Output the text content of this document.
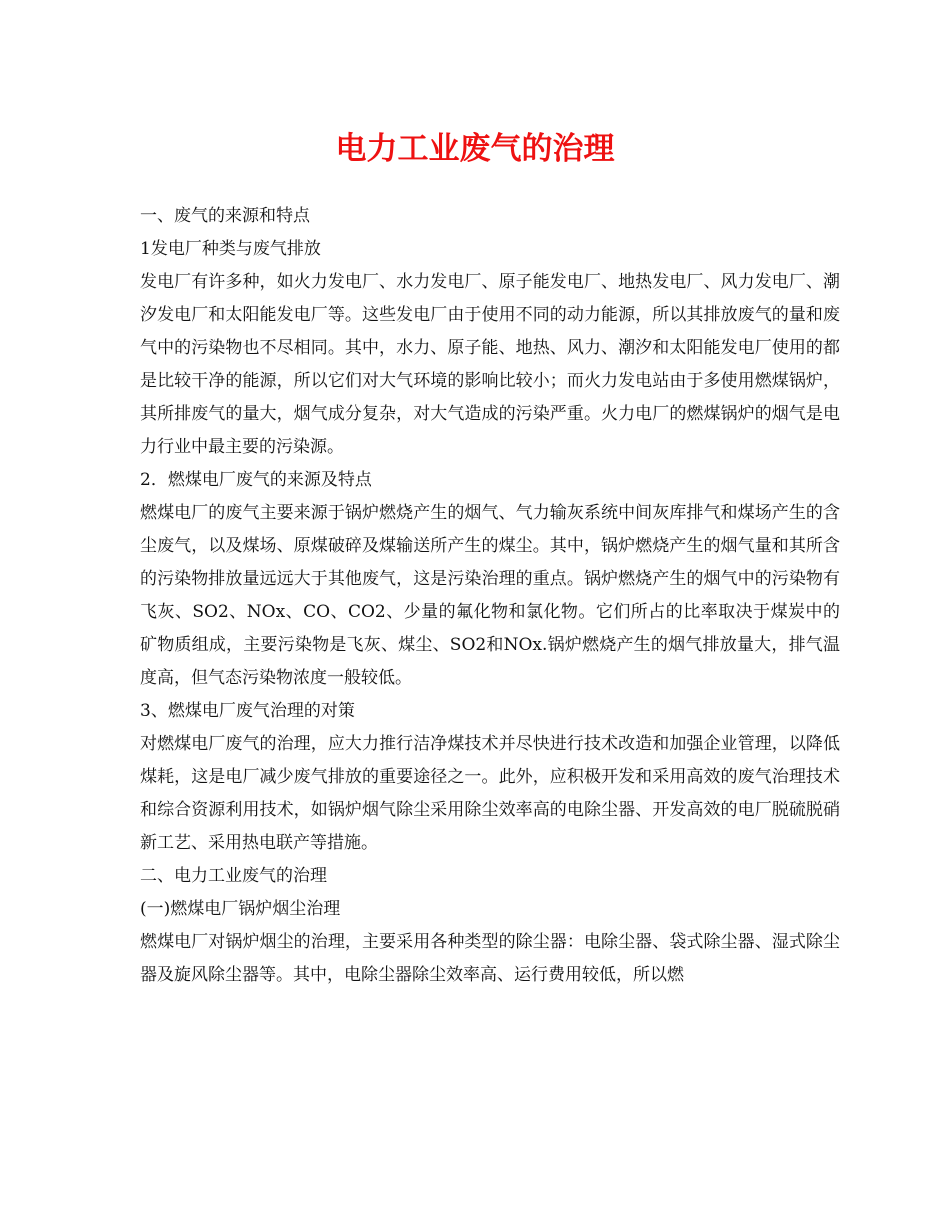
电力工业废气的治理

一、废气的来源和特点

1发电厂种类与废气排放

发电厂有许多种，如火力发电厂、水力发电厂、原子能发电厂、地热发电厂、风力发电厂、潮汐发电厂和太阳能发电厂等。这些发电厂由于使用不同的动力能源，所以其排放废气的量和废气中的污染物也不尽相同。其中，水力、原子能、地热、风力、潮汐和太阳能发电厂使用的都是比较干净的能源，所以它们对大气环境的影响比较小；而火力发电站由于多使用燃煤锅炉，其所排废气的量大，烟气成分复杂，对大气造成的污染严重。火力电厂的燃煤锅炉的烟气是电力行业中最主要的污染源。

2．燃煤电厂废气的来源及特点

燃煤电厂的废气主要来源于锅炉燃烧产生的烟气、气力输灰系统中间灰库排气和煤场产生的含尘废气，以及煤场、原煤破碎及煤输送所产生的煤尘。其中，锅炉燃烧产生的烟气量和其所含的污染物排放量远远大于其他废气，这是污染治理的重点。锅炉燃烧产生的烟气中的污染物有飞灰、SO2、NOx、CO、CO2、少量的氟化物和氯化物。它们所占的比率取决于煤炭中的矿物质组成，主要污染物是飞灰、煤尘、SO2和NOx.锅炉燃烧产生的烟气排放量大，排气温度高，但气态污染物浓度一般较低。

3、燃煤电厂废气治理的对策

对燃煤电厂废气的治理，应大力推行洁净煤技术并尽快进行技术改造和加强企业管理，以降低煤耗，这是电厂减少废气排放的重要途径之一。此外，应积极开发和采用高效的废气治理技术和综合资源利用技术，如锅炉烟气除尘采用除尘效率高的电除尘器、开发高效的电厂脱硫脱硝新工艺、采用热电联产等措施。

二、电力工业废气的治理

(一)燃煤电厂锅炉烟尘治理

燃煤电厂对锅炉烟尘的治理，主要采用各种类型的除尘器：电除尘器、袋式除尘器、湿式除尘器及旋风除尘器等。其中，电除尘器除尘效率高、运行费用较低，所以燃
